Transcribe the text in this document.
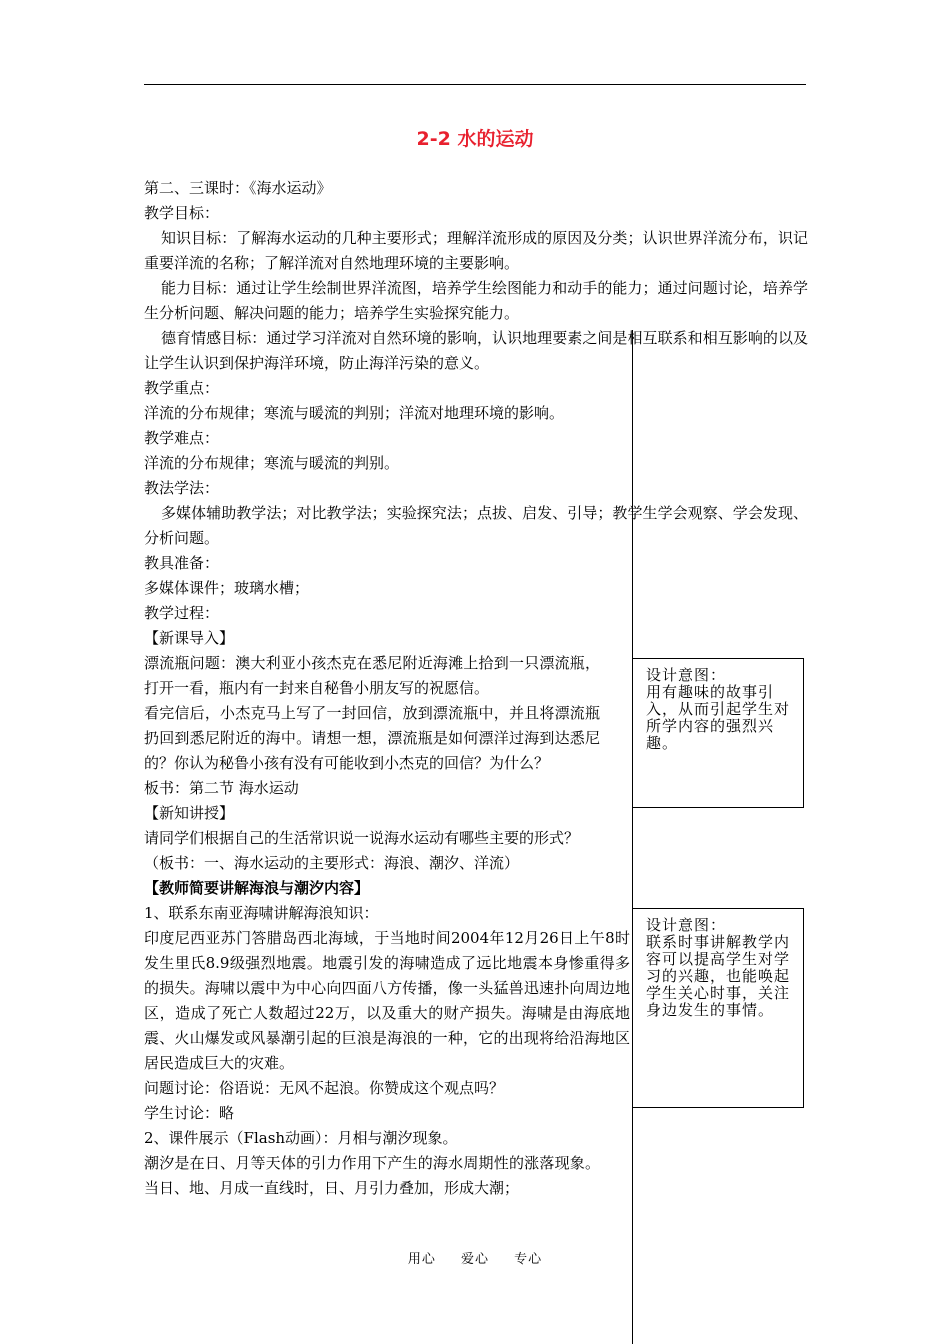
2-2 水的运动
第二、三课时：《海水运动》
教学目标：
知识目标：了解海水运动的几种主要形式；理解洋流形成的原因及分类；认识世界洋流分布，识记重要洋流的名称；了解洋流对自然地理环境的主要影响。
能力目标：通过让学生绘制世界洋流图，培养学生绘图能力和动手的能力；通过问题讨论，培养学生分析问题、解决问题的能力；培养学生实验探究能力。
德育情感目标：通过学习洋流对自然环境的影响，认识地理要素之间是相互联系和相互影响的以及让学生认识到保护海洋环境，防止海洋污染的意义。
教学重点：
洋流的分布规律；寒流与暖流的判别；洋流对地理环境的影响。
教学难点：
洋流的分布规律；寒流与暖流的判别。
教法学法：
多媒体辅助教学法；对比教学法；实验探究法；点拔、启发、引导；教学生学会观察、学会发现、分析问题。
教具准备：
多媒体课件；玻璃水槽；
教学过程：
【新课导入】
漂流瓶问题：澳大利亚小孩杰克在悉尼附近海滩上拾到一只漂流瓶，打开一看，瓶内有一封来自秘鲁小朋友写的祝愿信。
看完信后，小杰克马上写了一封回信，放到漂流瓶中，并且将漂流瓶扔回到悉尼附近的海中。请想一想，漂流瓶是如何漂洋过海到达悉尼的？你认为秘鲁小孩有没有可能收到小杰克的回信？为什么？
板书：第二节 海水运动
【新知讲授】
请同学们根据自己的生活常识说一说海水运动有哪些主要的形式？
（板书：一、海水运动的主要形式：海浪、潮汐、洋流）
【教师简要讲解海浪与潮汐内容】
1、联系东南亚海啸讲解海浪知识：
印度尼西亚苏门答腊岛西北海域，于当地时间2004年12月26日上午8时发生里氏8.9级强烈地震。地震引发的海啸造成了远比地震本身惨重得多的损失。海啸以震中为中心向四面八方传播，像一头猛兽迅速扑向周边地区，造成了死亡人数超过22万，以及重大的财产损失。海啸是由海底地震、火山爆发或风暴潮引起的巨浪是海浪的一种，它的出现将给沿海地区居民造成巨大的灾难。
问题讨论：俗语说：无风不起浪。你赞成这个观点吗？
学生讨论：略
2、课件展示（Flash动画）：月相与潮汐现象。
潮汐是在日、月等天体的引力作用下产生的海水周期性的涨落现象。当日、地、月成一直线时，日、月引力叠加，形成大潮；

设计意图：

用有趣味的故事引入，从而引起学生对所学内容的强烈兴趣。

设计意图：

联系时事讲解教学内容可以提高学生对学习的兴趣，也能唤起学生关心时事，关注身边发生的事情。

用心 爱心 专心
